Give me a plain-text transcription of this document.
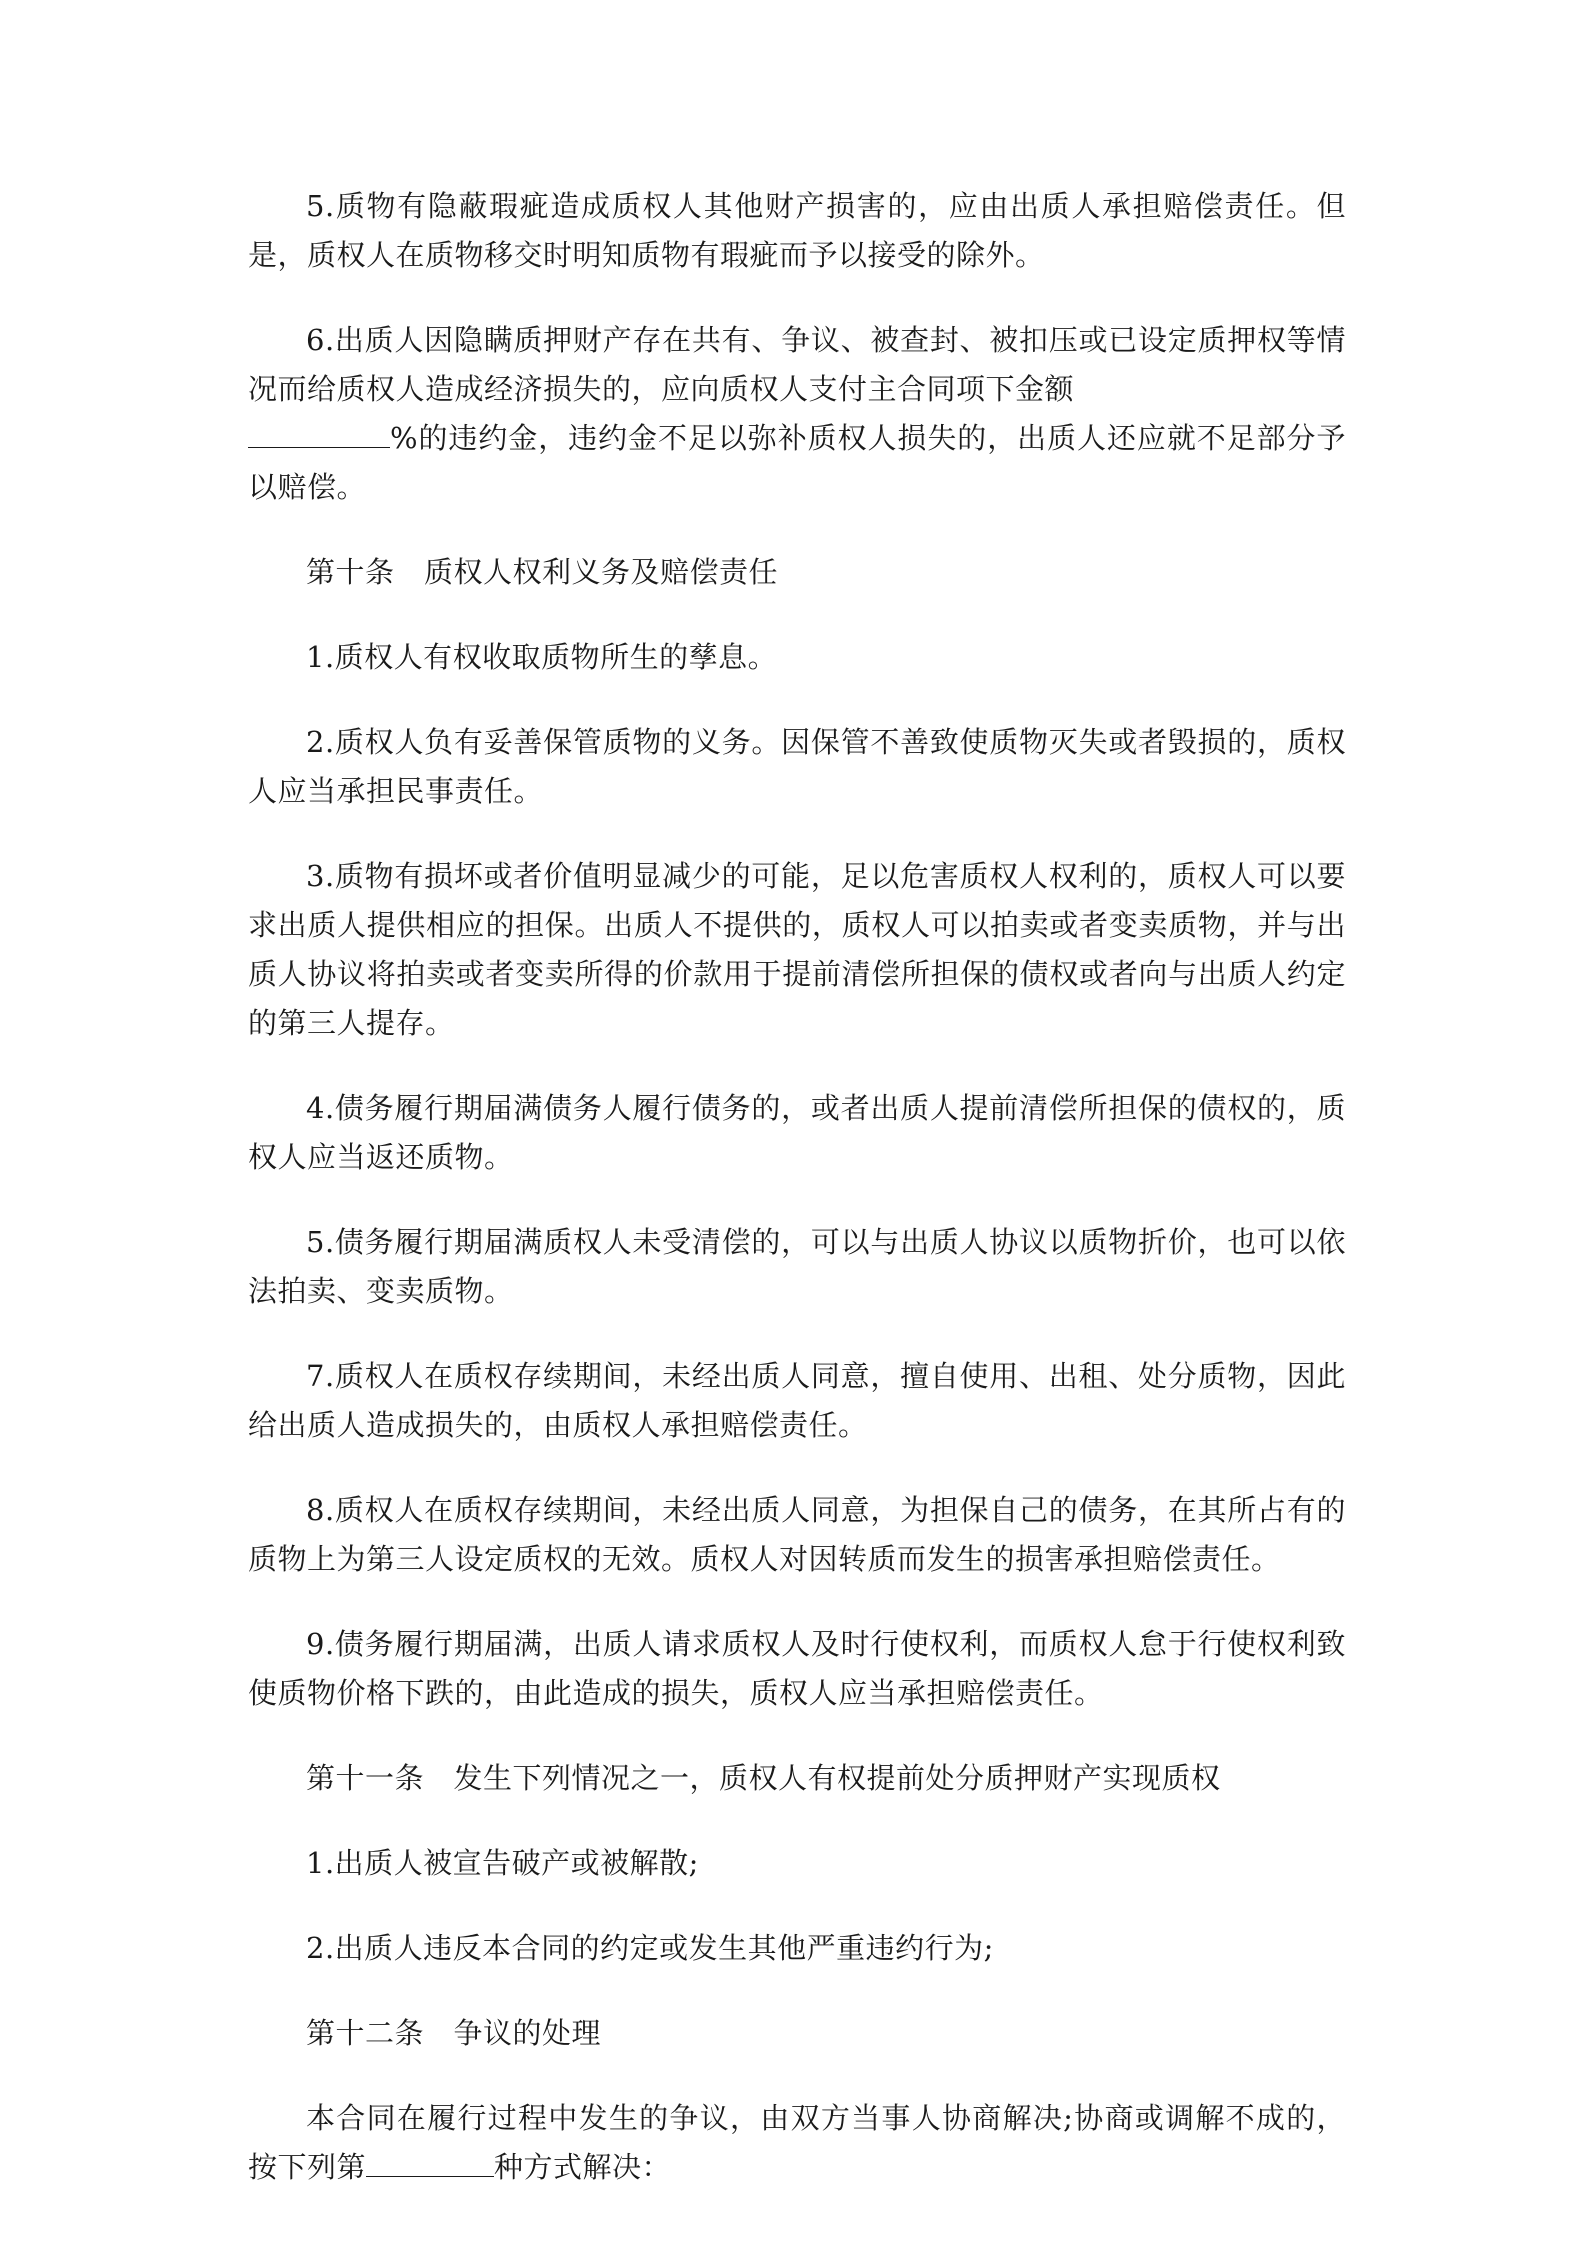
5.质物有隐蔽瑕疵造成质权人其他财产损害的，应由出质人承担赔偿责任。但是，质权人在质物移交时明知质物有瑕疵而予以接受的除外。

6.出质人因隐瞒质押财产存在共有、争议、被查封、被扣压或已设定质押权等情况而给质权人造成经济损失的，应向质权人支付主合同项下金额
%的违约金，违约金不足以弥补质权人损失的，出质人还应就不足部分予以赔偿。

第十条　质权人权利义务及赔偿责任

1.质权人有权收取质物所生的孳息。

2.质权人负有妥善保管质物的义务。因保管不善致使质物灭失或者毁损的，质权人应当承担民事责任。

3.质物有损坏或者价值明显减少的可能，足以危害质权人权利的，质权人可以要求出质人提供相应的担保。出质人不提供的，质权人可以拍卖或者变卖质物，并与出质人协议将拍卖或者变卖所得的价款用于提前清偿所担保的债权或者向与出质人约定的第三人提存。

4.债务履行期届满债务人履行债务的，或者出质人提前清偿所担保的债权的，质权人应当返还质物。

5.债务履行期届满质权人未受清偿的，可以与出质人协议以质物折价，也可以依法拍卖、变卖质物。

7.质权人在质权存续期间，未经出质人同意，擅自使用、出租、处分质物，因此给出质人造成损失的，由质权人承担赔偿责任。

8.质权人在质权存续期间，未经出质人同意，为担保自己的债务，在其所占有的质物上为第三人设定质权的无效。质权人对因转质而发生的损害承担赔偿责任。

9.债务履行期届满，出质人请求质权人及时行使权利，而质权人怠于行使权利致使质物价格下跌的，由此造成的损失，质权人应当承担赔偿责任。

第十一条　发生下列情况之一，质权人有权提前处分质押财产实现质权

1.出质人被宣告破产或被解散;

2.出质人违反本合同的约定或发生其他严重违约行为;

第十二条　争议的处理

本合同在履行过程中发生的争议，由双方当事人协商解决;协商或调解不成的，按下列第	种方式解决：
